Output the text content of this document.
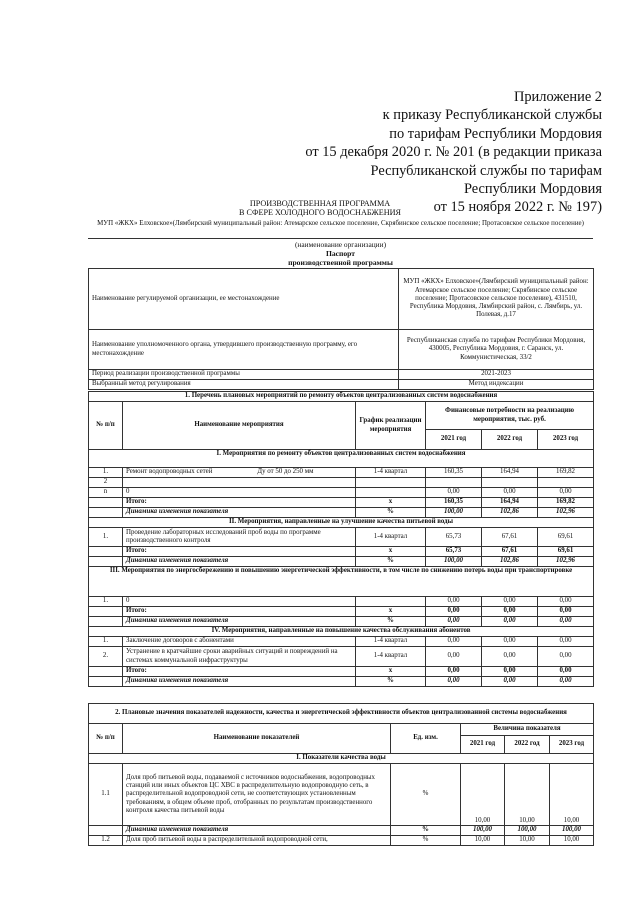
Приложение 2
к приказу Республиканской службы
по тарифам Республики Мордовия
от 15 декабря 2020 г. № 201 (в редакции приказа
Республиканской службы по тарифам
Республики Мордовия
от 15 ноября 2022 г. № 197)
ПРОИЗВОДСТВЕННАЯ ПРОГРАММА
В СФЕРЕ ХОЛОДНОГО ВОДОСНАБЖЕНИЯ
МУП «ЖКХ» Елховское»(Лямбирский муниципальный район: Атемарское сельское поселение, Скрябинское сельское поселение; Протасовское сельское поселение)
(наименование организации)
Паспорт
производственной программы
Наименование регулируемой организации, ее местонахождение	МУП «ЖКХ» Елховское»(Лямбирский муниципальный район: Атемарское сельское поселение; Скрябинское сельское поселение; Протасовское сельское поселение), 431510, Республика Мордовия, Лямбирский район, с. Лямбирь, ул. Полевая, д.17
Наименование уполномоченного органа, утвердившего производственную программу, его местонахождение	Республиканская служба по тарифам Республики Мордовия, 430005, Республика Мордовия, г. Саранск, ул. Коммунистическая, 33/2
Период реализации производственной программы	2021-2023
Выбранный метод регулирования	Метод индексации
1. Перечень плановых мероприятий по ремонту объектов централизованных систем водоснабжения					
№ п/п	Наименование мероприятия	График реализации мероприятия	Финансовые потребности на реализацию мероприятия, тыс. руб.		
			2021 год	2022 год	2023 год
I. Мероприятия по ремонту объектов централизованных систем водоснабжения					
1.	Ремонт водопроводных сетей Ду от 50 до 250 мм	1-4 квартал	160,35	164,94	169,82
2					
n	0		0,00	0,00	0,00
	Итого:	x	160,35	164,94	169,82
	Динамика изменения показателя	%	100,00	102,86	102,96
II. Мероприятия, направленные на улучшение качества питьевой воды					
1.	Проведение лабораторных исследований проб воды по программе производственного контроля	1-4 квартал	65,73	67,61	69,61
	Итого:	x	65,73	67,61	69,61
	Динамика изменения показателя	%	100,00	102,86	102,96
III. Мероприятия по энергосбережению и повышению энергетической эффективности, в том числе по снижению потерь воды при транспортировке					
1.	0		0,00	0,00	0,00
	Итого:	x	0,00	0,00	0,00
	Динамика изменения показателя	%	0,00	0,00	0,00
IV. Мероприятия, направленные на повышение качества обслуживания абонентов					
1.	Заключение договоров с абонентами	1-4 квартал	0,00	0,00	0,00
2.	Устранение в кратчайшие сроки аварийных ситуаций и повреждений на системах коммунальной инфраструктуры	1-4 квартал	0,00	0,00	0,00
	Итого:	x	0,00	0,00	0,00
	Динамика изменения показателя	%	0,00	0,00	0,00
2. Плановые значения показателей надежности, качества и энергетической эффективности объектов централизованной системы водоснабжения					
№ п/п	Наименование показателей	Ед. изм.	Величина показателя		
			2021 год	2022 год	2023 год
I. Показатели качества воды					
1.1	Доля проб питьевой воды, подаваемой с источников водоснабжения, водопроводных станций или иных объектов ЦС ХВС в распределительную водопроводную сеть, в распределительной водопроводной сети, не соответствующих установленным требованиям, в общем объеме проб, отобранных по результатам производственного контроля качества питьевой воды	%	10,00	10,00	10,00
	Динамика изменения показателя	%	100,00	100,00	100,00
1.2	Доля проб питьевой воды в распределительной водопроводной сети,	%	10,00	10,00	10,00
